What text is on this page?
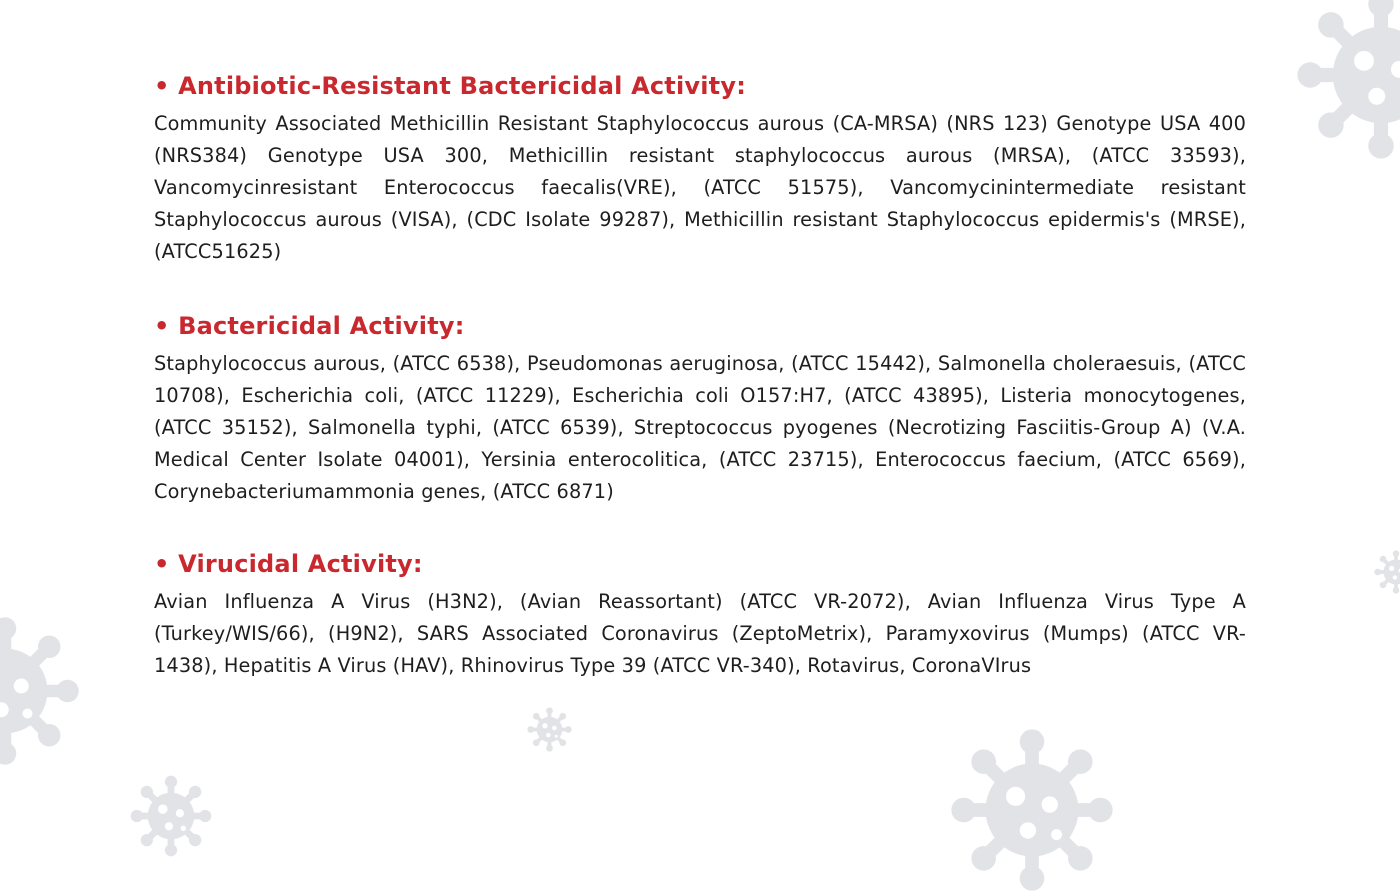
• Antibiotic-Resistant Bactericidal Activity:

Community Associated Methicillin Resistant Staphylococcus aurous (CA-MRSA) (NRS 123) Genotype USA 400 (NRS384) Genotype USA 300, Methicillin resistant staphylococcus aurous (MRSA), (ATCC 33593), Vancomycinresistant Enterococcus faecalis(VRE), (ATCC 51575), Vancomycinintermediate resistant Staphylococcus aurous (VISA), (CDC Isolate 99287), Methicillin resistant Staphylococcus epidermis's (MRSE), (ATCC51625)

• Bactericidal Activity:

Staphylococcus aurous, (ATCC 6538), Pseudomonas aeruginosa, (ATCC 15442), Salmonella choleraesuis, (ATCC 10708), Escherichia coli, (ATCC 11229), Escherichia coli O157:H7, (ATCC 43895), Listeria monocytogenes, (ATCC 35152), Salmonella typhi, (ATCC 6539), Streptococcus pyogenes (Necrotizing Fasciitis-Group A) (V.A. Medical Center Isolate 04001), Yersinia enterocolitica, (ATCC 23715), Enterococcus faecium, (ATCC 6569), Corynebacteriumammonia genes, (ATCC 6871)

• Virucidal Activity:

Avian Influenza A Virus (H3N2), (Avian Reassortant) (ATCC VR-2072), Avian Influenza Virus Type A (Turkey/WIS/66), (H9N2), SARS Associated Coronavirus (ZeptoMetrix), Paramyxovirus (Mumps) (ATCC VR-1438), Hepatitis A Virus (HAV), Rhinovirus Type 39 (ATCC VR-340), Rotavirus, CoronaVIrus
